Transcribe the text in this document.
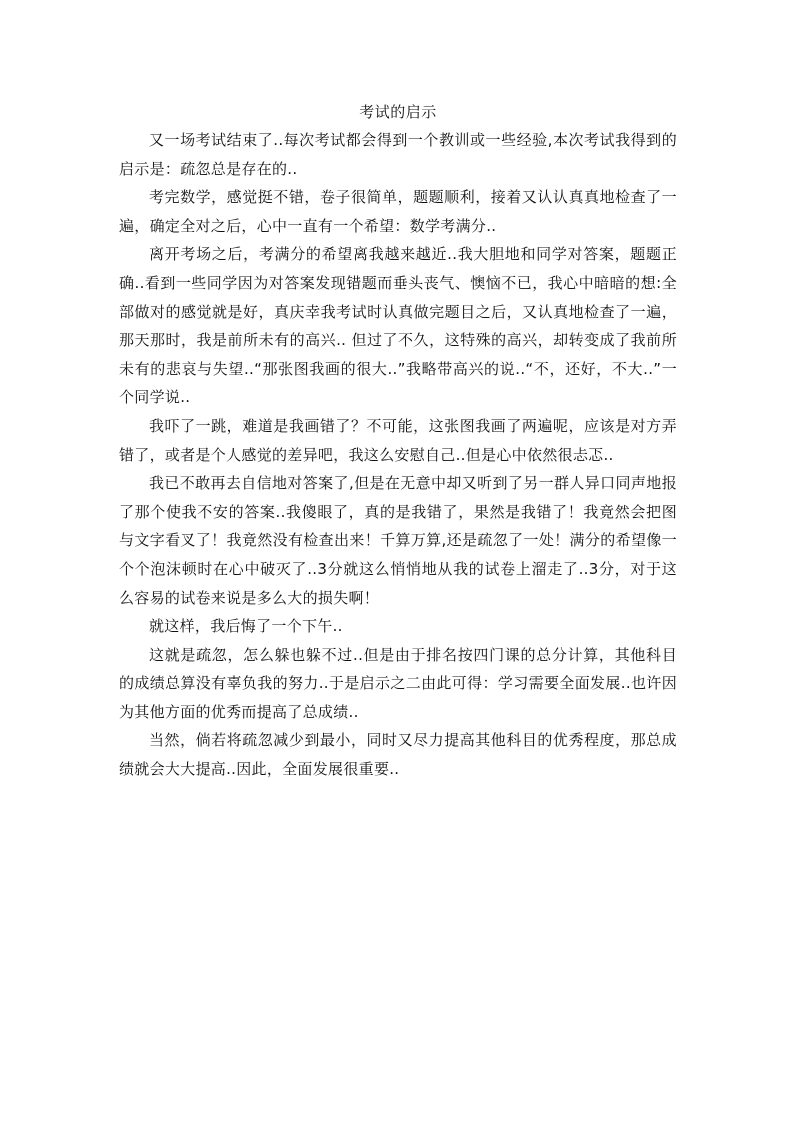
考试的启示

又一场考试结束了..每次考试都会得到一个教训或一些经验,本次考试我得到的启示是：疏忽总是存在的..

考完数学，感觉挺不错，卷子很简单，题题顺利，接着又认认真真地检查了一遍，确定全对之后，心中一直有一个希望：数学考满分..

离开考场之后，考满分的希望离我越来越近..我大胆地和同学对答案，题题正确..看到一些同学因为对答案发现错题而垂头丧气、懊恼不已，我心中暗暗的想:全部做对的感觉就是好，真庆幸我考试时认真做完题目之后，又认真地检查了一遍，那天那时，我是前所未有的高兴.. 但过了不久，这特殊的高兴，却转变成了我前所未有的悲哀与失望..“那张图我画的很大..”我略带高兴的说..“不，还好，不大..”一个同学说..

我吓了一跳，难道是我画错了？不可能，这张图我画了两遍呢，应该是对方弄错了，或者是个人感觉的差异吧，我这么安慰自己..但是心中依然很忐忑..

我已不敢再去自信地对答案了,但是在无意中却又听到了另一群人异口同声地报了那个使我不安的答案..我傻眼了，真的是我错了，果然是我错了！我竟然会把图与文字看叉了！我竟然没有检查出来！千算万算,还是疏忽了一处！满分的希望像一个个泡沫顿时在心中破灭了..3分就这么悄悄地从我的试卷上溜走了..3分，对于这么容易的试卷来说是多么大的损失啊！

就这样，我后悔了一个下午..

这就是疏忽，怎么躲也躲不过..但是由于排名按四门课的总分计算，其他科目的成绩总算没有辜负我的努力..于是启示之二由此可得：学习需要全面发展..也许因为其他方面的优秀而提高了总成绩..

当然，倘若将疏忽减少到最小，同时又尽力提高其他科目的优秀程度，那总成绩就会大大提高..因此，全面发展很重要..
